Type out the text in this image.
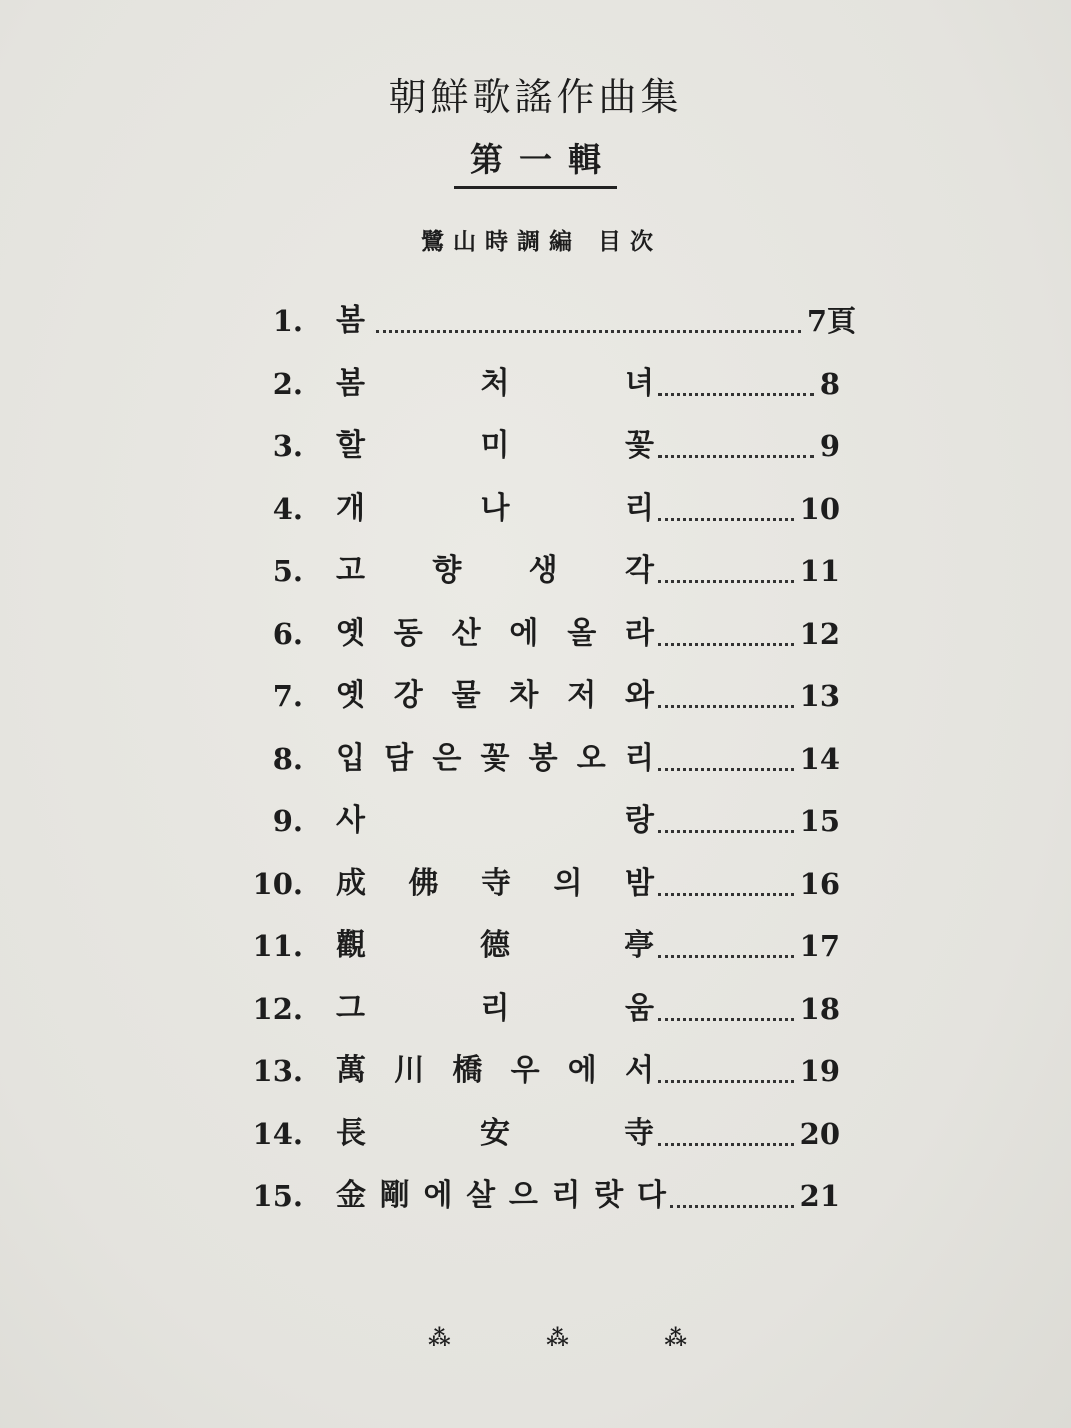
朝鮮歌謠作曲集
第一輯
鷺山時調編 目次
1. 봄	7頁
2. 봄	처	녀	8
3. 할	미	꽃	9
4. 개	나	리	10
5. 고 향 생 각	11
6. 옛 동 산 에 올 라	12
7. 옛 강 물 차 저 와	13
8. 입 담 은 꽃 봉 오 리	14
9. 사	랑	15
10. 成 佛 寺 의 밤	16
11. 觀	德	亭	17
12. 그	리	움	18
13. 萬 川 橋 우 에 서	19
14. 長	安	寺	20
15. 金 剛 에 살 으 리 랏 다	21
⁂ ⁂ ⁂
